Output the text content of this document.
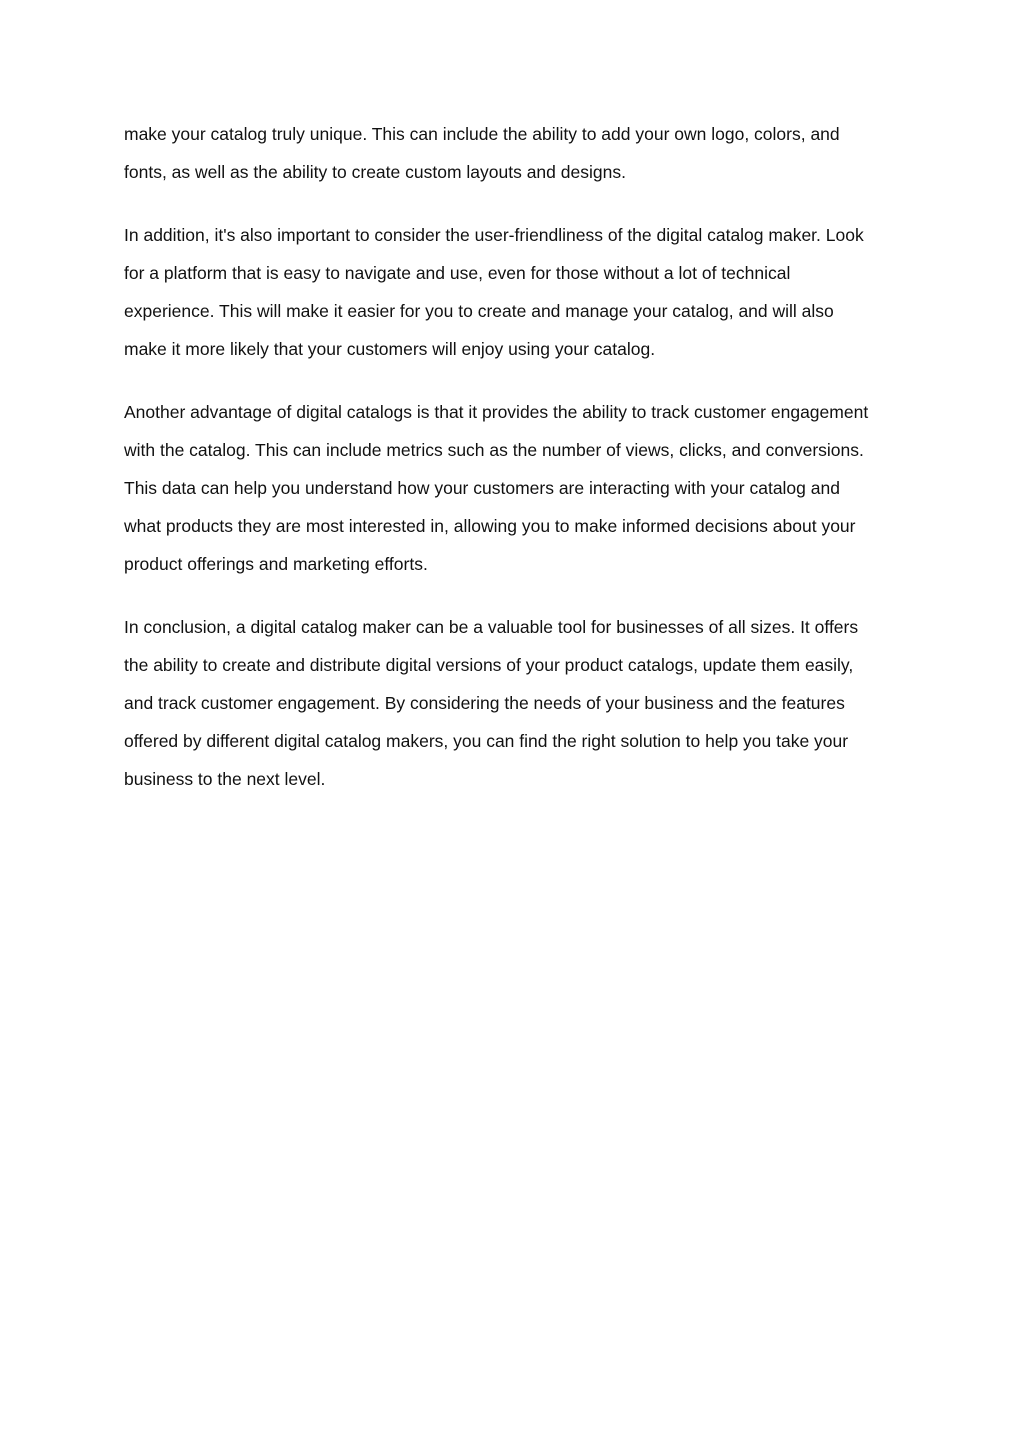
make your catalog truly unique. This can include the ability to add your own logo, colors, and
fonts, as well as the ability to create custom layouts and designs.

In addition, it's also important to consider the user-friendliness of the digital catalog maker. Look
for a platform that is easy to navigate and use, even for those without a lot of technical
experience. This will make it easier for you to create and manage your catalog, and will also
make it more likely that your customers will enjoy using your catalog.

Another advantage of digital catalogs is that it provides the ability to track customer engagement
with the catalog. This can include metrics such as the number of views, clicks, and conversions.
This data can help you understand how your customers are interacting with your catalog and
what products they are most interested in, allowing you to make informed decisions about your
product offerings and marketing efforts.

In conclusion, a digital catalog maker can be a valuable tool for businesses of all sizes. It offers
the ability to create and distribute digital versions of your product catalogs, update them easily,
and track customer engagement. By considering the needs of your business and the features
offered by different digital catalog makers, you can find the right solution to help you take your
business to the next level.
